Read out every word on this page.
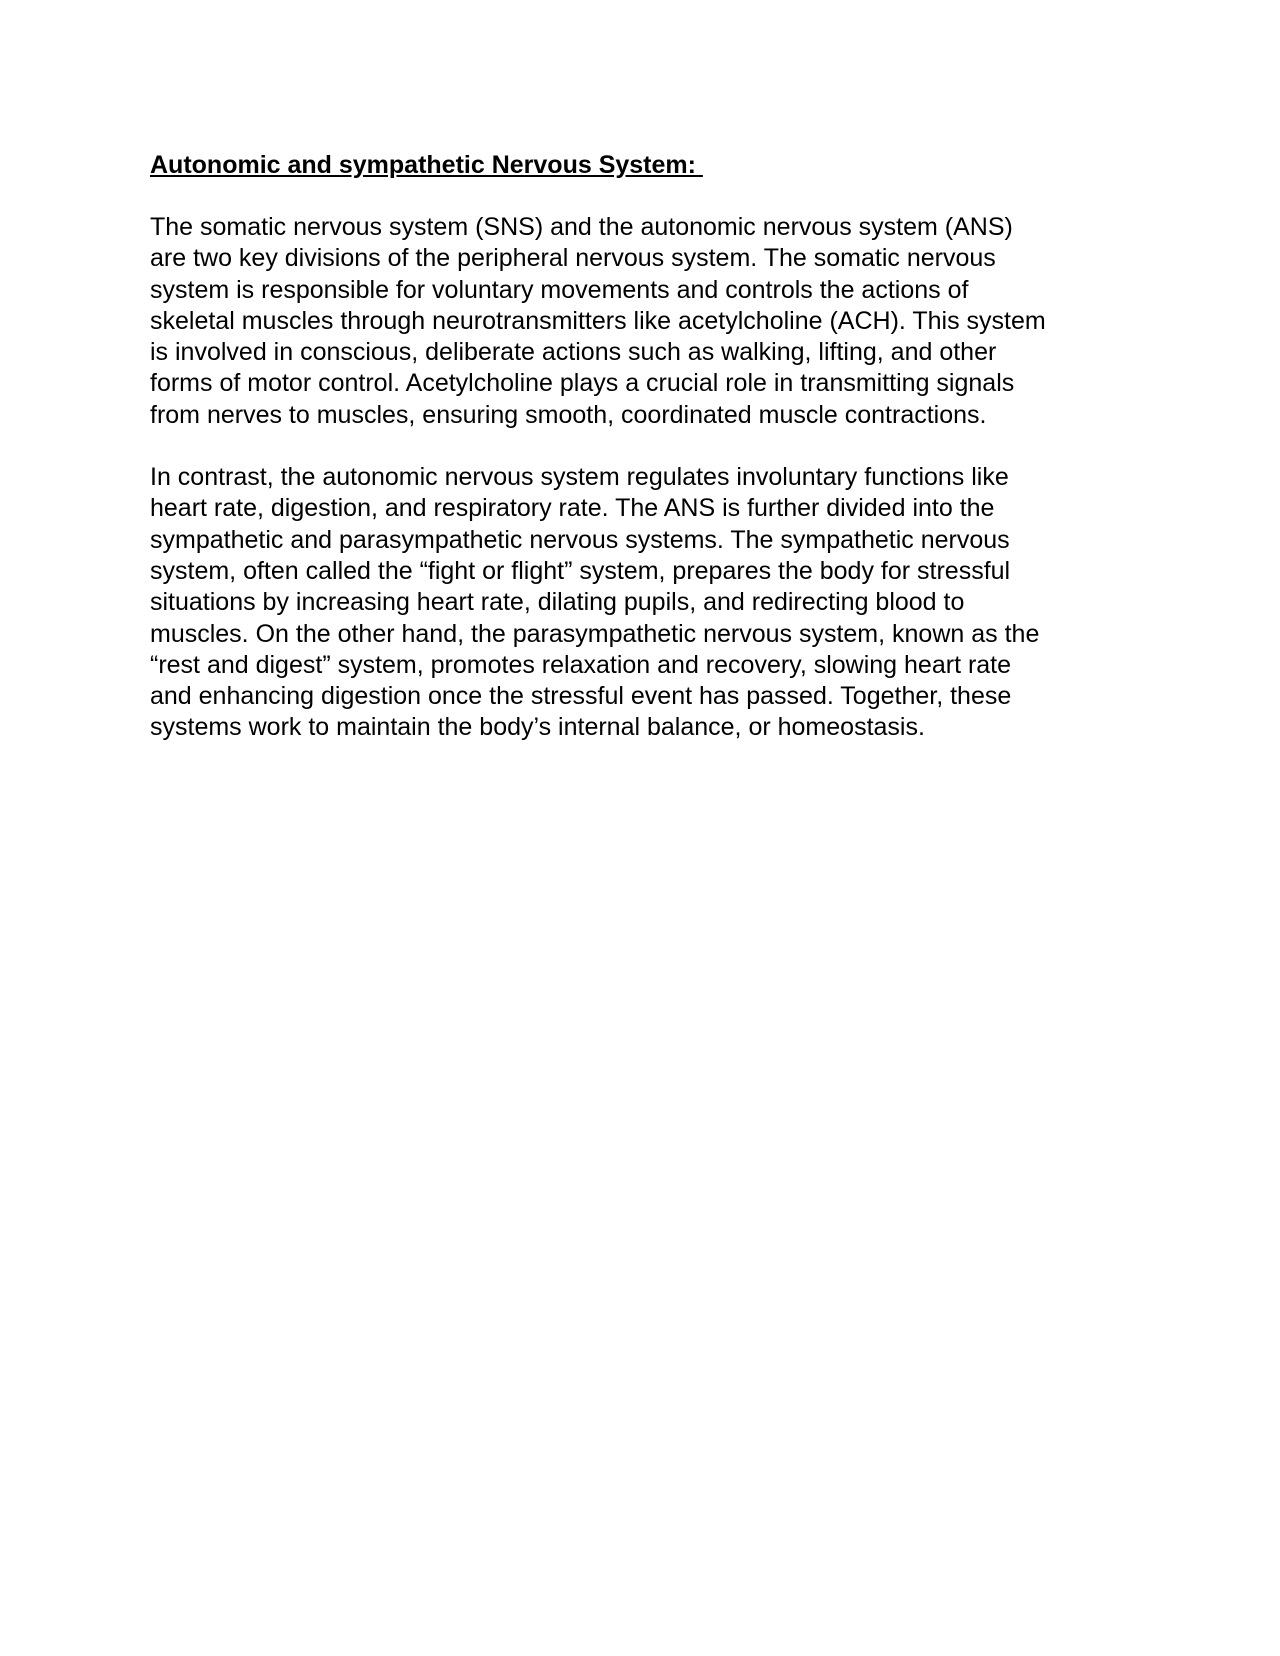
Autonomic and sympathetic Nervous System:
The somatic nervous system (SNS) and the autonomic nervous system (ANS)
are two key divisions of the peripheral nervous system. The somatic nervous
system is responsible for voluntary movements and controls the actions of
skeletal muscles through neurotransmitters like acetylcholine (ACH). This system
is involved in conscious, deliberate actions such as walking, lifting, and other
forms of motor control. Acetylcholine plays a crucial role in transmitting signals
from nerves to muscles, ensuring smooth, coordinated muscle contractions.
In contrast, the autonomic nervous system regulates involuntary functions like
heart rate, digestion, and respiratory rate. The ANS is further divided into the
sympathetic and parasympathetic nervous systems. The sympathetic nervous
system, often called the “fight or flight” system, prepares the body for stressful
situations by increasing heart rate, dilating pupils, and redirecting blood to
muscles. On the other hand, the parasympathetic nervous system, known as the
“rest and digest” system, promotes relaxation and recovery, slowing heart rate
and enhancing digestion once the stressful event has passed. Together, these
systems work to maintain the body’s internal balance, or homeostasis.
